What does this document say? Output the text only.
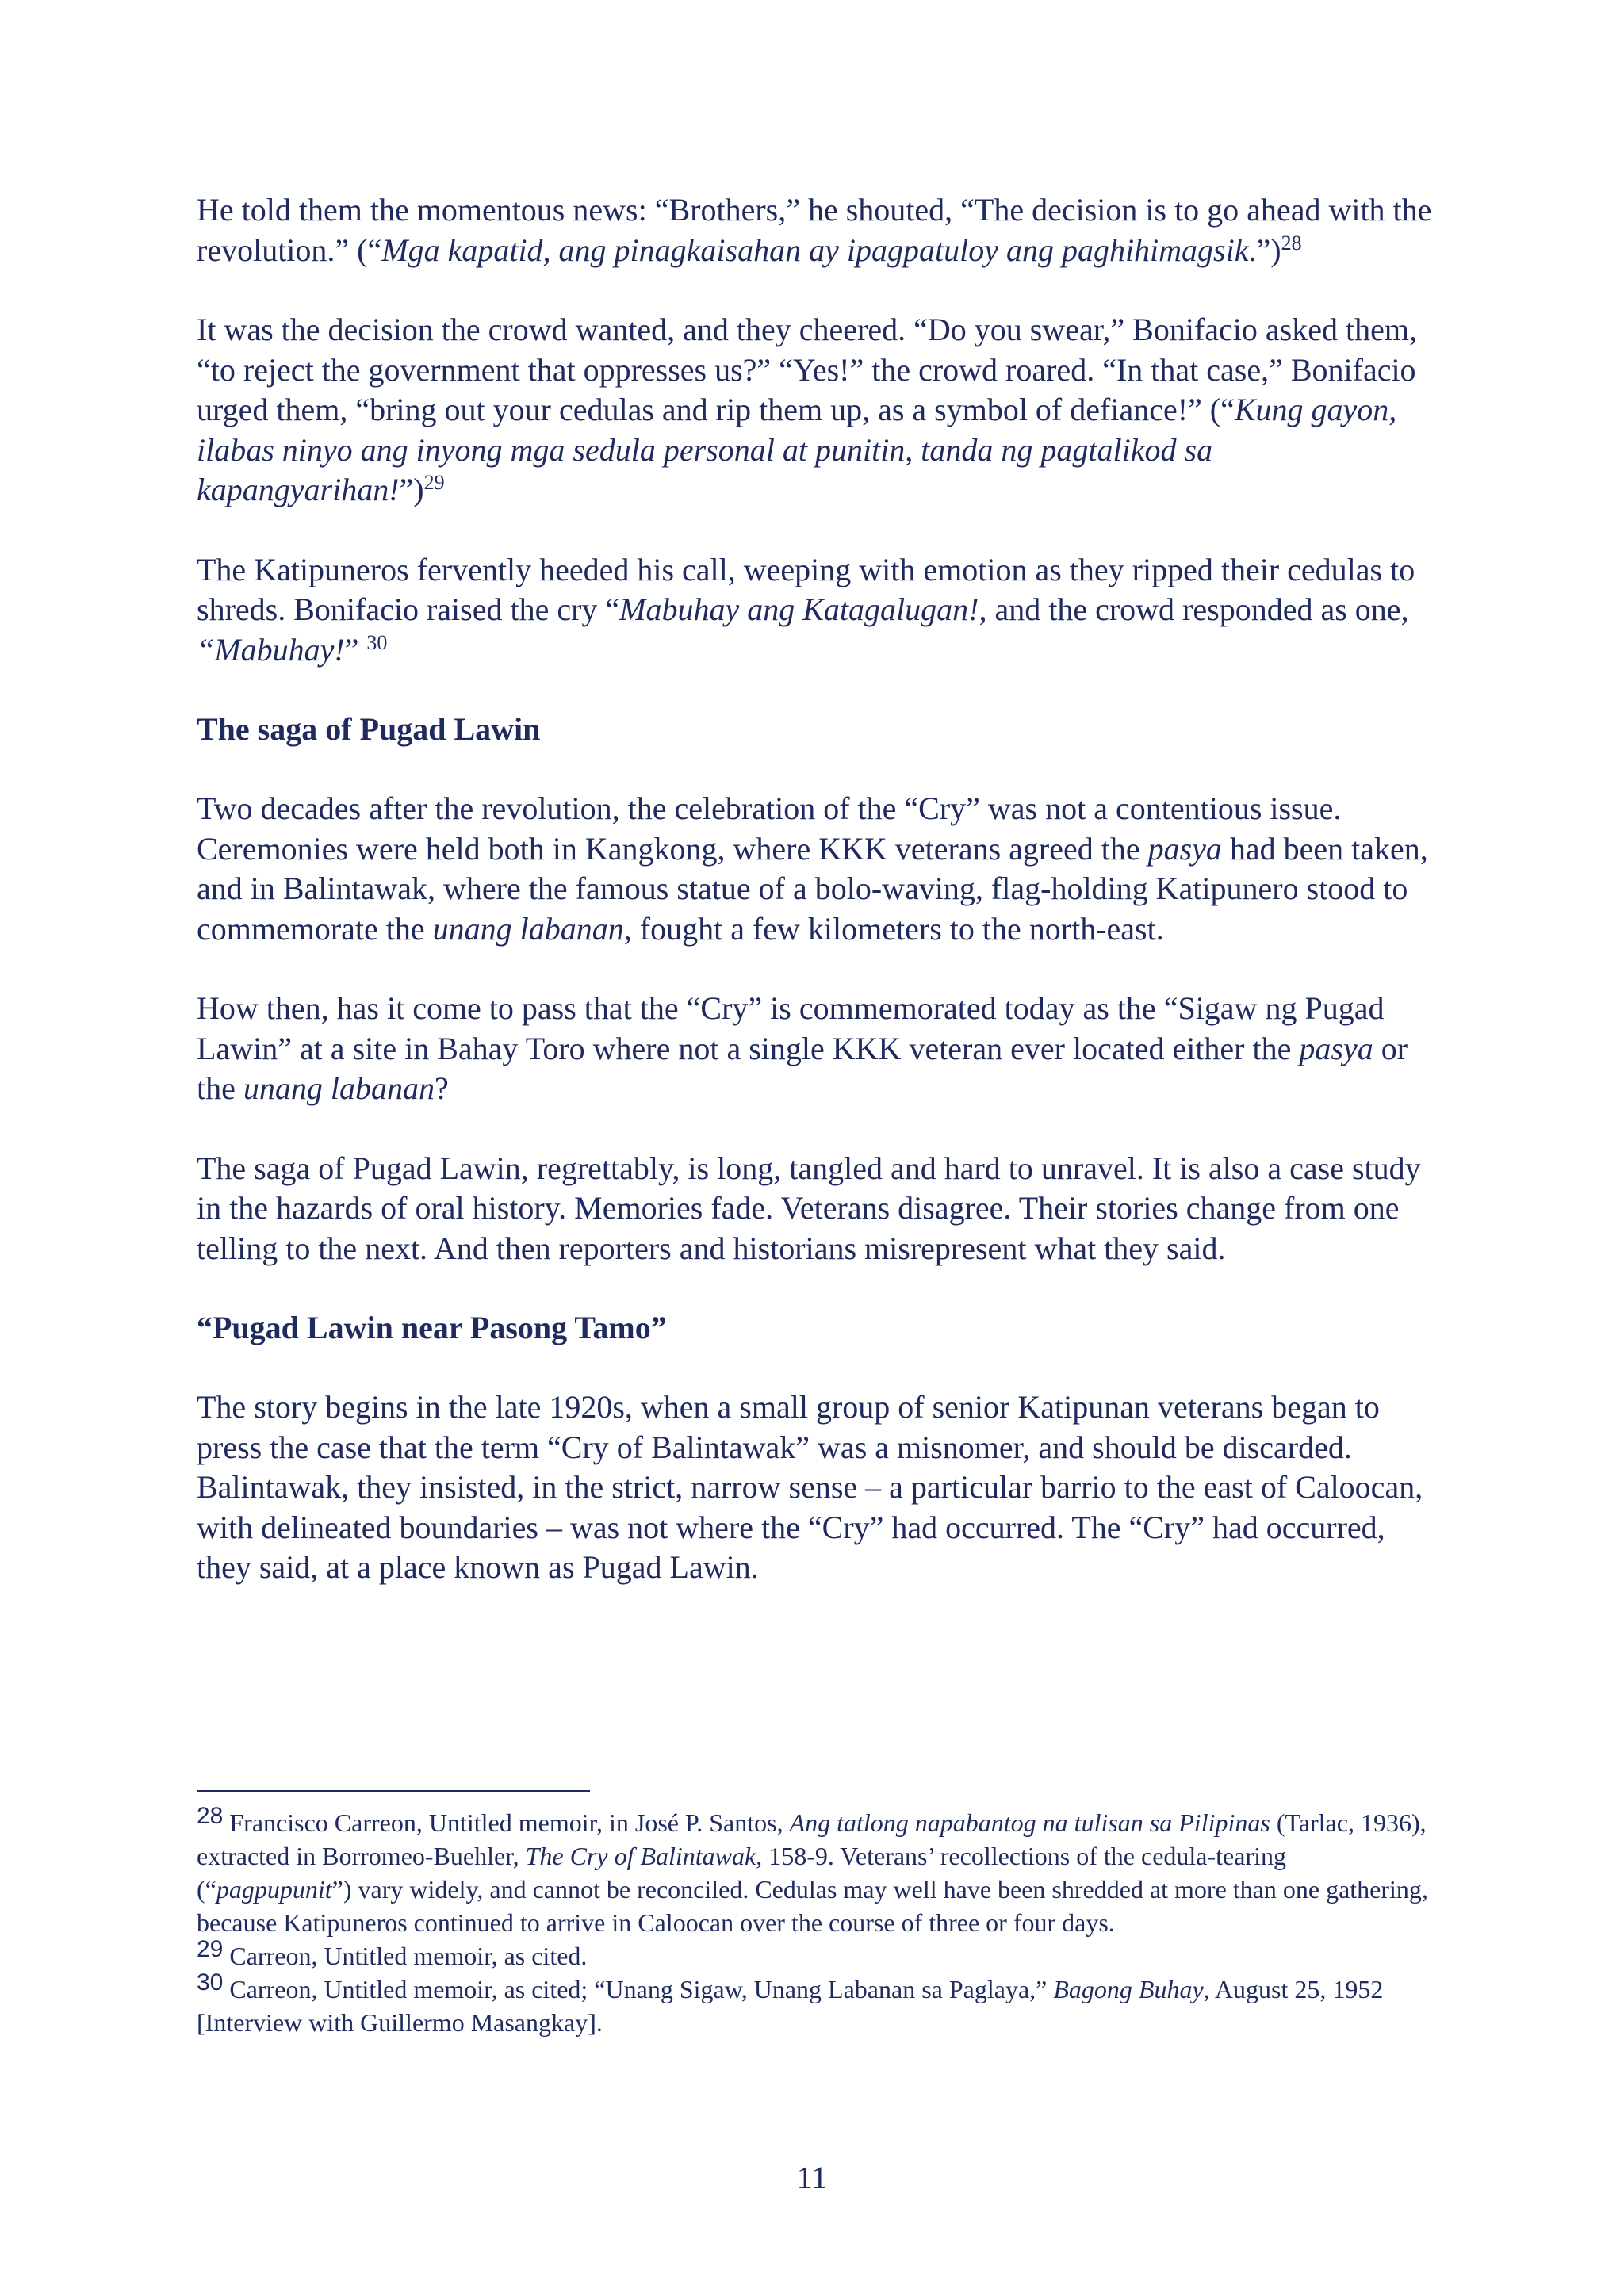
He told them the momentous news: “Brothers,” he shouted, “The decision is to go ahead with the revolution.” (“Mga kapatid, ang pinagkaisahan ay ipagpatuloy ang paghihimagsik.”)$^{28}$

It was the decision the crowd wanted, and they cheered. “Do you swear,” Bonifacio asked them, “to reject the government that oppresses us?” “Yes!” the crowd roared. “In that case,” Bonifacio urged them, “bring out your cedulas and rip them up, as a symbol of defiance!” (“Kung gayon, ilabas ninyo ang inyong mga sedula personal at punitin, tanda ng pagtalikod sa kapangyarihan!”)$^{29}$

The Katipuneros fervently heeded his call, weeping with emotion as they ripped their cedulas to shreds. Bonifacio raised the cry “Mabuhay ang Katagalugan!, and the crowd responded as one, “Mabuhay!” $^{30}$

The saga of Pugad Lawin

Two decades after the revolution, the celebration of the “Cry” was not a contentious issue. Ceremonies were held both in Kangkong, where KKK veterans agreed the pasya had been taken, and in Balintawak, where the famous statue of a bolo-waving, flag-holding Katipunero stood to commemorate the unang labanan, fought a few kilometers to the north-east.

How then, has it come to pass that the “Cry” is commemorated today as the “Sigaw ng Pugad Lawin” at a site in Bahay Toro where not a single KKK veteran ever located either the pasya or the unang labanan?

The saga of Pugad Lawin, regrettably, is long, tangled and hard to unravel. It is also a case study in the hazards of oral history. Memories fade. Veterans disagree. Their stories change from one telling to the next. And then reporters and historians misrepresent what they said.

“Pugad Lawin near Pasong Tamo”

The story begins in the late 1920s, when a small group of senior Katipunan veterans began to press the case that the term “Cry of Balintawak” was a misnomer, and should be discarded. Balintawak, they insisted, in the strict, narrow sense – a particular barrio to the east of Caloocan, with delineated boundaries – was not where the “Cry” had occurred. The “Cry” had occurred, they said, at a place known as Pugad Lawin.

$^{28}$ Francisco Carreon, Untitled memoir, in José P. Santos, Ang tatlong napabantog na tulisan sa Pilipinas (Tarlac, 1936), extracted in Borromeo-Buehler, The Cry of Balintawak, 158-9. Veterans’ recollections of the cedula-tearing (“pagpupunit”) vary widely, and cannot be reconciled. Cedulas may well have been shredded at more than one gathering, because Katipuneros continued to arrive in Caloocan over the course of three or four days.

$^{29}$ Carreon, Untitled memoir, as cited.

$^{30}$ Carreon, Untitled memoir, as cited; “Unang Sigaw, Unang Labanan sa Paglaya,” Bagong Buhay, August 25, 1952 [Interview with Guillermo Masangkay].

11
